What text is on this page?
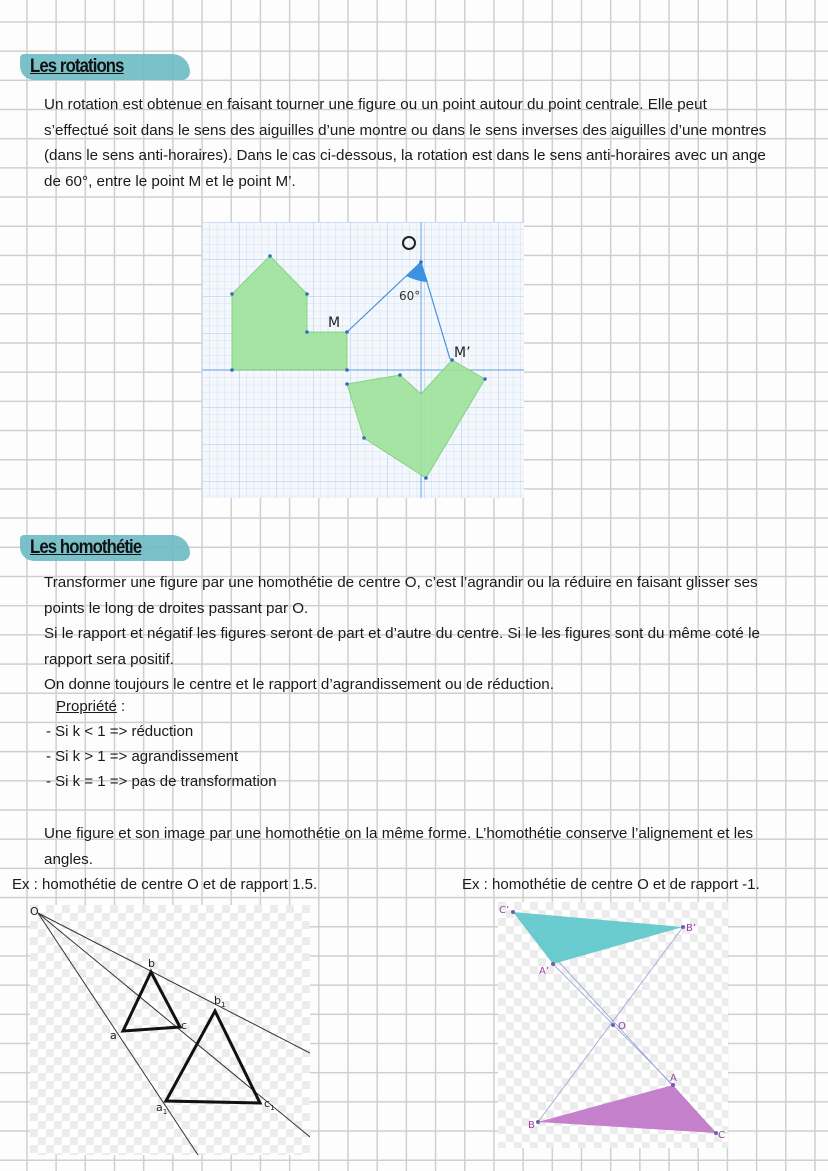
Les rotations

Un rotation est obtenue en faisant tourner une figure ou un point autour du point centrale. Elle peut s’effectué soit dans le sens des aiguilles d’une montre ou dans le sens inverses des aiguilles d’une montres (dans le sens anti-horaires). Dans le cas ci-dessous, la rotation est dans le sens anti-horaires avec un ange de 60°, entre le point M et le point M’.

60°
M
M’
Les homothétie

Transformer une figure par une homothétie de centre O, c’est l’agrandir ou la réduire en faisant glisser ses points le long de droites passant par O.

Si le rapport et négatif les figures seront de part et d’autre du centre. Si le les figures sont du même coté le rapport sera positif.

On donne toujours le centre et le rapport d’agrandissement ou de réduction.

Propriété :
- Si k < 1 => réduction
- Si k > 1 => agrandissement
- Si k = 1 => pas de transformation

Une figure et son image par une homothétie on la même forme. L’homothétie conserve l’alignement et les angles.

Ex : homothétie de centre O et de rapport 1.5.	Ex : homothétie de centre O et de rapport -1.
O
b
a
c
$b_1$
$a_1$
$c_1$
C’
B’
A’
O
A
B
C
